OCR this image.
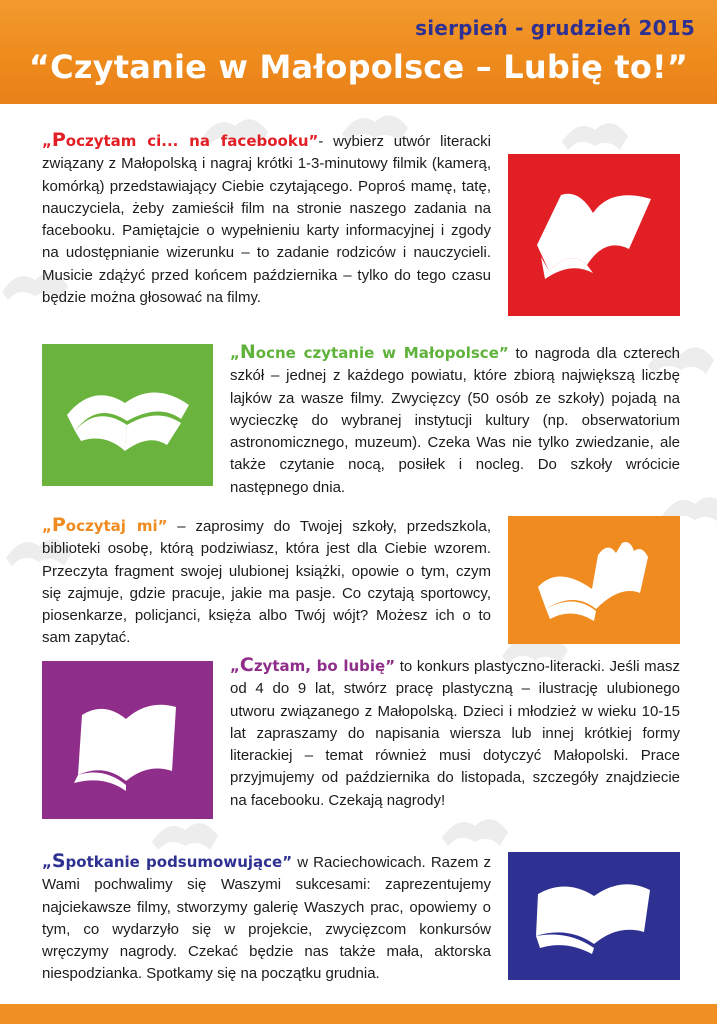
sierpień - grudzień 2015
“Czytanie w Małopolsce – Lubię to!”
„Poczytam ci... na facebooku”- wybierz utwór literacki związany z Małopolską i nagraj krótki 1-3-minutowy filmik (kamerą, komórką) przedstawiający Ciebie czytającego. Poproś mamę, tatę, nauczyciela, żeby zamieścił film na stronie naszego zadania na facebooku. Pamiętajcie o wypełnieniu karty informacyjnej i zgody na udostępnianie wizerunku – to zadanie rodziców i nauczycieli. Musicie zdążyć przed końcem października – tylko do tego czasu będzie można głosować na filmy.
„Nocne czytanie w Małopolsce” to nagroda dla czterech szkół – jednej z każdego powiatu, które zbiorą największą liczbę lajków za wasze filmy. Zwycięzcy (50 osób ze szkoły) pojadą na wycieczkę do wybranej instytucji kultury (np. obserwatorium astronomicznego, muzeum). Czeka Was nie tylko zwiedzanie, ale także czytanie nocą, posiłek i nocleg. Do szkoły wrócicie następnego dnia.
„Poczytaj mi” – zaprosimy do Twojej szkoły, przedszkola, biblioteki osobę, którą podziwiasz, która jest dla Ciebie wzorem. Przeczyta fragment swojej ulubionej książki, opowie o tym, czym się zajmuje, gdzie pracuje, jakie ma pasje. Co czytają sportowcy, piosenkarze, policjanci, księża albo Twój wójt? Możesz ich o to sam zapytać.
„Czytam, bo lubię” to konkurs plastyczno-literacki. Jeśli masz od 4 do 9 lat, stwórz pracę plastyczną – ilustrację ulubionego utworu związanego z Małopolską. Dzieci i młodzież w wieku 10-15 lat zapraszamy do napisania wiersza lub innej krótkiej formy literackiej – temat również musi dotyczyć Małopolski. Prace przyjmujemy od października do listopada, szczegóły znajdziecie na facebooku. Czekają nagrody!
„Spotkanie podsumowujące” w Raciechowicach. Razem z Wami pochwalimy się Waszymi sukcesami: zaprezentujemy najciekawsze filmy, stworzymy galerię Waszych prac, opowiemy o tym, co wydarzyło się w projekcie, zwycięzcom konkursów wręczymy nagrody. Czekać będzie nas także mała, aktorska niespodzianka. Spotkamy się na początku grudnia.
